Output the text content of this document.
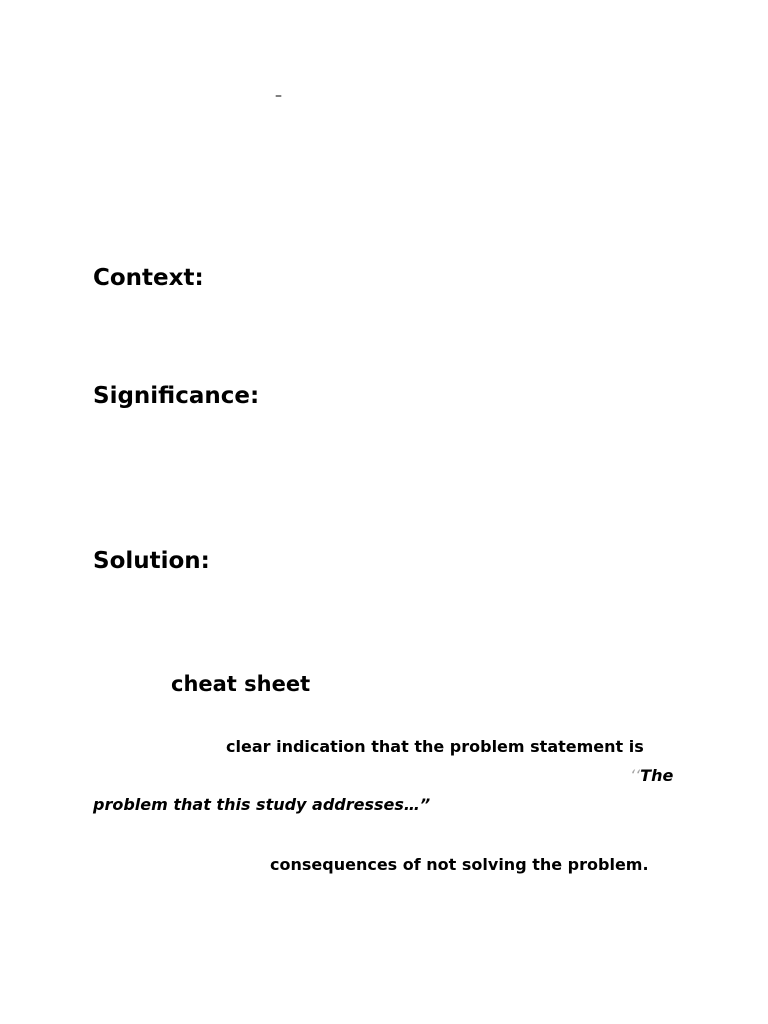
–
Context:
Significance:
Solution:
cheat sheet
clear indication that the problem statement is
‘‘The
problem that this study addresses…”
consequences of not solving the problem.
